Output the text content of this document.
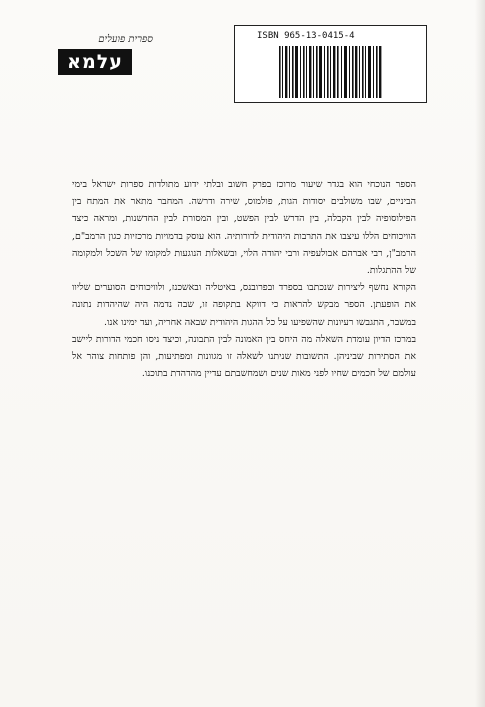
ספרית פועלים
עלמא
ISBN 965-13-0415-4

הספר הנוכחי הוא בגדר שיעור מרוכז בפרק חשוב ובלתי ידוע מתולדות ספרות ישראל בימי הביניים, שבו משולבים יסודות הגות, פולמוס, שירה ודרשה. המחבר מתאר את המתח בין הפילוסופיה לבין הקבלה, בין הדרש לבין הפשט, ובין המסורת לבין החדשנות, ומראה כיצד הוויכוחים הללו עיצבו את התרבות היהודית לדורותיה. הוא עוסק בדמויות מרכזיות כגון הרמב"ם, הרמב"ן, רבי אברהם אבולעפיה ורבי יהודה הלוי, ובשאלות הנוגעות למקומו של השכל ולמקומה של ההתגלות.

הקורא נחשף ליצירות שנכתבו בספרד ובפרובנס, באיטליה ובאשכנז, ולוויכוחים הסוערים שליוו את הופעתן. הספר מבקש להראות כי דווקא בתקופה זו, שבה נדמה היה שהיהדות נתונה במשבר, התגבשו רעיונות שהשפיעו על כל ההגות היהודית שבאה אחריה, ועד ימינו אנו.

במרכז הדיון עומדת השאלה מה היחס בין האמונה לבין התבונה, וכיצד ניסו חכמי הדורות ליישב את הסתירות שביניהן. התשובות שניתנו לשאלה זו מגוונות ומפתיעות, והן פותחות צוהר אל עולמם של חכמים שחיו לפני מאות שנים ושמחשבתם עדיין מהדהדת בתוכנו.
